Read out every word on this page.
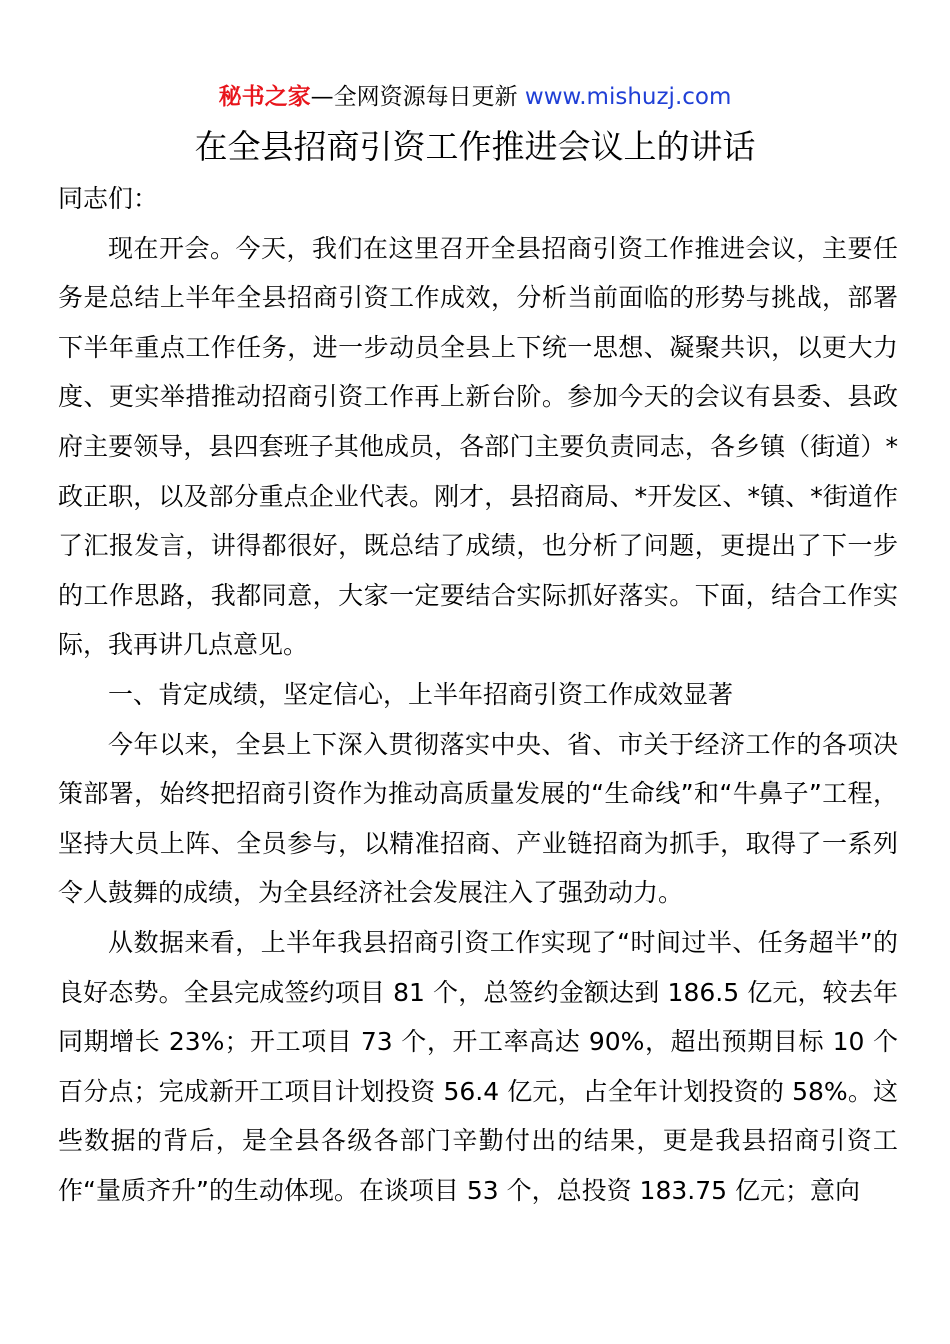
秘书之家—全网资源每日更新 www.mishuzj.com
在全县招商引资工作推进会议上的讲话

同志们：

现在开会。今天，我们在这里召开全县招商引资工作推进会议，主要任务是总结上半年全县招商引资工作成效，分析当前面临的形势与挑战，部署下半年重点工作任务，进一步动员全县上下统一思想、凝聚共识，以更大力度、更实举措推动招商引资工作再上新台阶。参加今天的会议有县委、县政府主要领导，县四套班子其他成员，各部门主要负责同志，各乡镇（街道）*政正职，以及部分重点企业代表。刚才，县招商局、*开发区、*镇、*街道作了汇报发言，讲得都很好，既总结了成绩，也分析了问题，更提出了下一步的工作思路，我都同意，大家一定要结合实际抓好落实。下面，结合工作实际，我再讲几点意见。

一、肯定成绩，坚定信心，上半年招商引资工作成效显著

今年以来，全县上下深入贯彻落实中央、省、市关于经济工作的各项决策部署，始终把招商引资作为推动高质量发展的“生命线”和“牛鼻子”工程，坚持大员上阵、全员参与，以精准招商、产业链招商为抓手，取得了一系列令人鼓舞的成绩，为全县经济社会发展注入了强劲动力。

从数据来看，上半年我县招商引资工作实现了“时间过半、任务超半”的良好态势。全县完成签约项目 81 个，总签约金额达到 186.5 亿元，较去年同期增长 23%；开工项目 73 个，开工率高达 90%，超出预期目标 10 个百分点；完成新开工项目计划投资 56.4 亿元，占全年计划投资的 58%。这些数据的背后，是全县各级各部门辛勤付出的结果，更是我县招商引资工作“量质齐升”的生动体现。在谈项目 53 个，总投资 183.75 亿元；意向
